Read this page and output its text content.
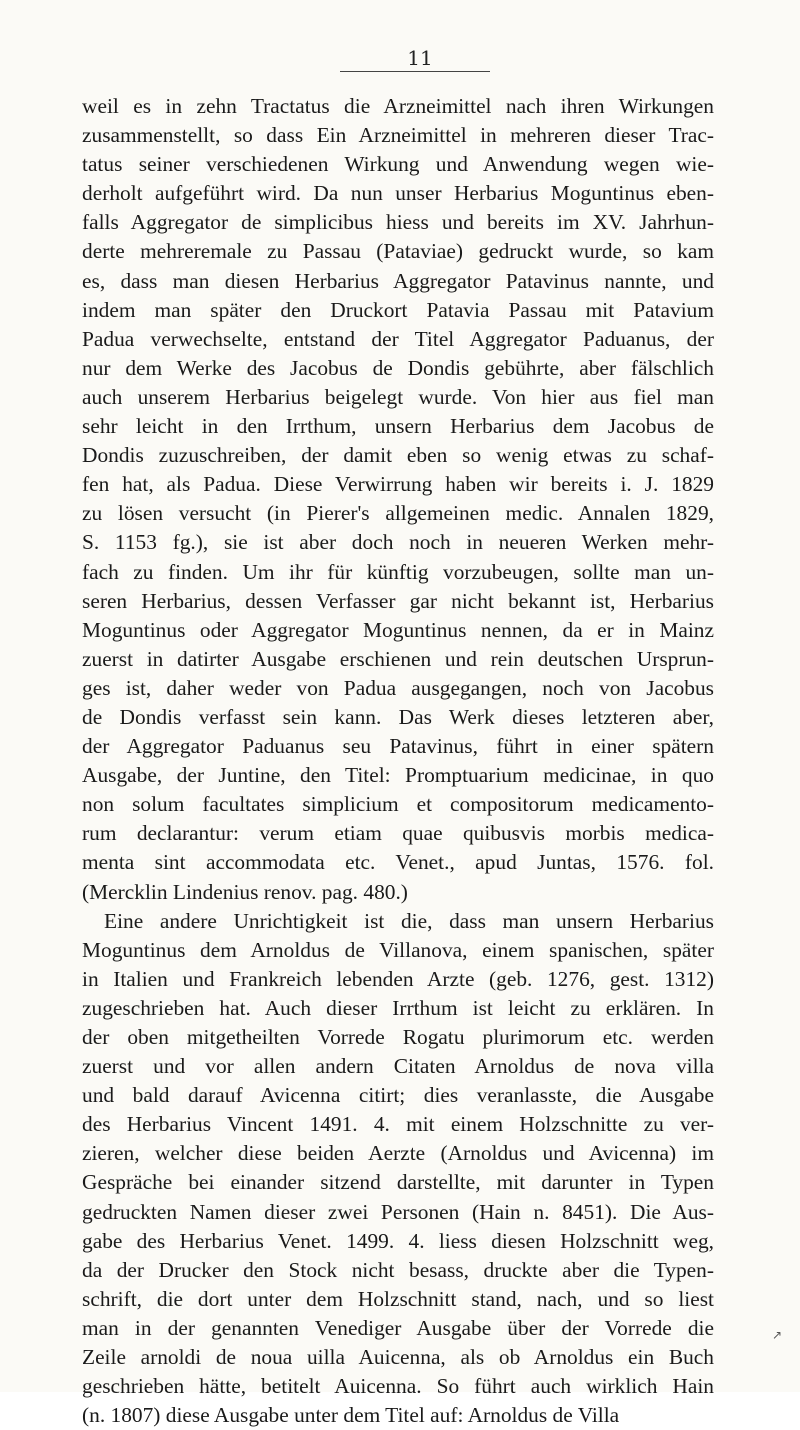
11
weil es in zehn Tractatus die Arzneimittel nach ihren Wirkungen
zusammenstellt, so dass Ein Arzneimittel in mehreren dieser Trac-
tatus seiner verschiedenen Wirkung und Anwendung wegen wie-
derholt aufgeführt wird. Da nun unser Herbarius Moguntinus eben-
falls Aggregator de simplicibus hiess und bereits im XV. Jahrhun-
derte mehreremale zu Passau (Pataviae) gedruckt wurde, so kam
es, dass man diesen Herbarius Aggregator Patavinus nannte, und
indem man später den Druckort Patavia Passau mit Patavium
Padua verwechselte, entstand der Titel Aggregator Paduanus, der
nur dem Werke des Jacobus de Dondis gebührte, aber fälschlich
auch unserem Herbarius beigelegt wurde. Von hier aus fiel man
sehr leicht in den Irrthum, unsern Herbarius dem Jacobus de
Dondis zuzuschreiben, der damit eben so wenig etwas zu schaf-
fen hat, als Padua. Diese Verwirrung haben wir bereits i. J. 1829
zu lösen versucht (in Pierer's allgemeinen medic. Annalen 1829,
S. 1153 fg.), sie ist aber doch noch in neueren Werken mehr-
fach zu finden. Um ihr für künftig vorzubeugen, sollte man un-
seren Herbarius, dessen Verfasser gar nicht bekannt ist, Herbarius
Moguntinus oder Aggregator Moguntinus nennen, da er in Mainz
zuerst in datirter Ausgabe erschienen und rein deutschen Ursprun-
ges ist, daher weder von Padua ausgegangen, noch von Jacobus
de Dondis verfasst sein kann. Das Werk dieses letzteren aber,
der Aggregator Paduanus seu Patavinus, führt in einer spätern
Ausgabe, der Juntine, den Titel: Promptuarium medicinae, in quo
non solum facultates simplicium et compositorum medicamento-
rum declarantur: verum etiam quae quibusvis morbis medica-
menta sint accommodata etc. Venet., apud Juntas, 1576. fol.
(Mercklin Lindenius renov. pag. 480.)
Eine andere Unrichtigkeit ist die, dass man unsern Herbarius
Moguntinus dem Arnoldus de Villanova, einem spanischen, später
in Italien und Frankreich lebenden Arzte (geb. 1276, gest. 1312)
zugeschrieben hat. Auch dieser Irrthum ist leicht zu erklären. In
der oben mitgetheilten Vorrede Rogatu plurimorum etc. werden
zuerst und vor allen andern Citaten Arnoldus de nova villa
und bald darauf Avicenna citirt; dies veranlasste, die Ausgabe
des Herbarius Vincent 1491. 4. mit einem Holzschnitte zu ver-
zieren, welcher diese beiden Aerzte (Arnoldus und Avicenna) im
Gespräche bei einander sitzend darstellte, mit darunter in Typen
gedruckten Namen dieser zwei Personen (Hain n. 8451). Die Aus-
gabe des Herbarius Venet. 1499. 4. liess diesen Holzschnitt weg,
da der Drucker den Stock nicht besass, druckte aber die Typen-
schrift, die dort unter dem Holzschnitt stand, nach, und so liest
man in der genannten Venediger Ausgabe über der Vorrede die
Zeile arnoldi de noua uilla Auicenna, als ob Arnoldus ein Buch
geschrieben hätte, betitelt Auicenna. So führt auch wirklich Hain
(n. 1807) diese Ausgabe unter dem Titel auf: Arnoldus de Villa
↗
